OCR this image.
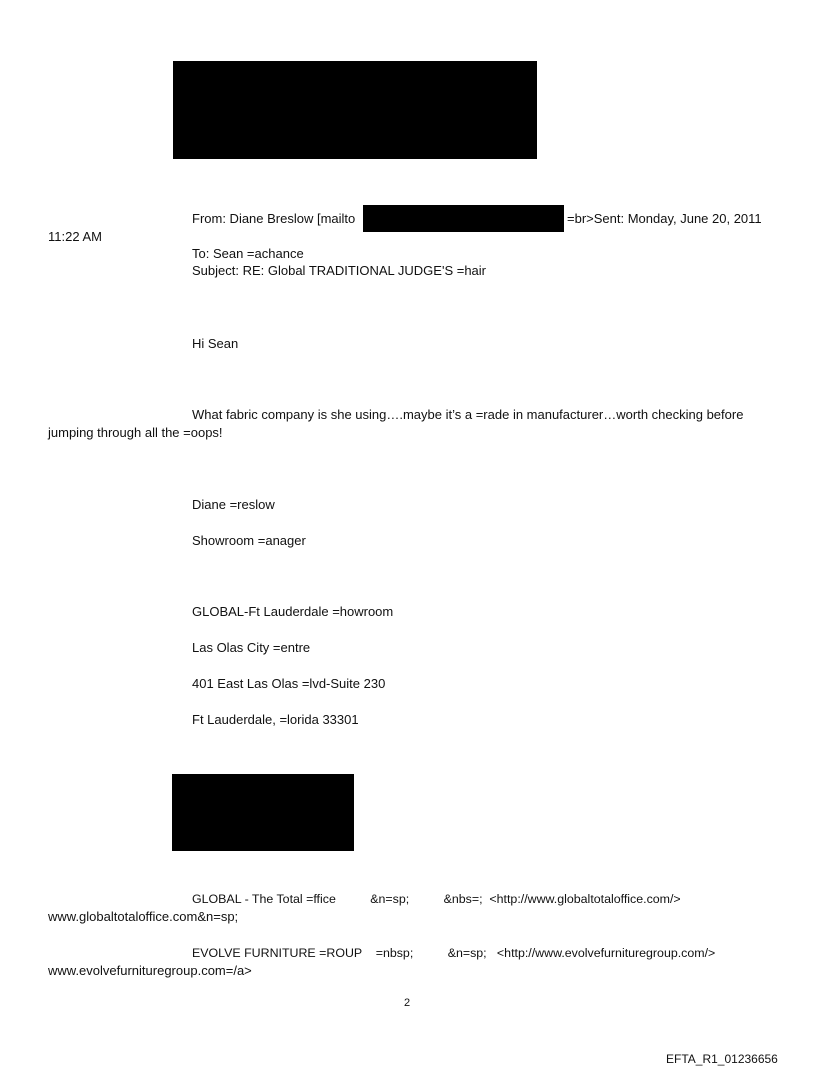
From: Diane Breslow [mailto	=br>Sent: Monday, June 20, 2011
11:22 AM
To: Sean =achance
Subject: RE: Global TRADITIONAL JUDGE'S =hair
Hi Sean
What fabric company is she using….maybe it’s a =rade in manufacturer…worth checking before
jumping through all the =oops!
Diane =reslow
Showroom =anager
GLOBAL-Ft Lauderdale =howroom
Las Olas City =entre
401 East Las Olas =lvd-Suite 230
Ft Lauderdale, =lorida 33301
GLOBAL - The Total =ffice          &n=sp;          &nbs=;  <http://www.globaltotaloffice.com/>
www.globaltotaloffice.com&n=sp;
EVOLVE FURNITURE =ROUP    =nbsp;          &n=sp;   <http://www.evolvefurnituregroup.com/>
www.evolvefurnituregroup.com=/a>
2
EFTA_R1_01236656
